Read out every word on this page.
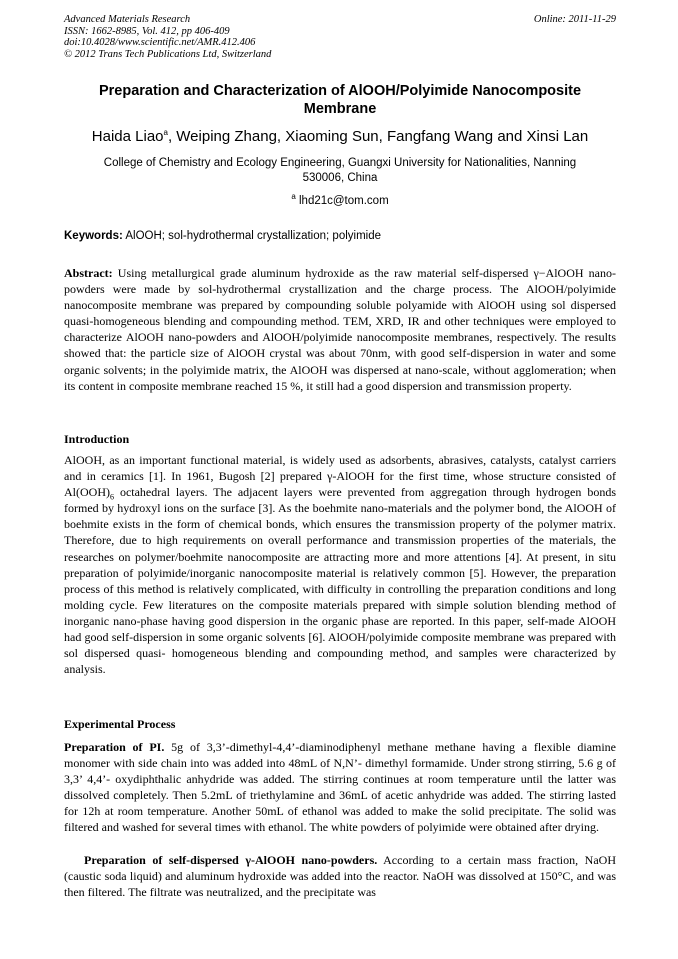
Advanced Materials Research
ISSN: 1662-8985, Vol. 412, pp 406-409
doi:10.4028/www.scientific.net/AMR.412.406
© 2012 Trans Tech Publications Ltd, Switzerland
Online: 2011-11-29
Preparation and Characterization of AlOOH/Polyimide Nanocomposite
Membrane
Haida Liao$^a$, Weiping Zhang, Xiaoming Sun, Fangfang Wang and Xinsi Lan
College of Chemistry and Ecology Engineering, Guangxi University for Nationalities, Nanning
530006, China
$^a$ lhd21c@tom.com
Keywords: AlOOH; sol-hydrothermal crystallization; polyimide
Abstract: Using metallurgical grade aluminum hydroxide as the raw material self-dispersed γ−AlOOH nano-powders were made by sol-hydrothermal crystallization and the charge process. The AlOOH/polyimide nanocomposite membrane was prepared by compounding soluble polyamide with AlOOH using sol dispersed quasi-homogeneous blending and compounding method. TEM, XRD, IR and other techniques were employed to characterize AlOOH nano-powders and AlOOH/polyimide nanocomposite membranes, respectively. The results showed that: the particle size of AlOOH crystal was about 70nm, with good self-dispersion in water and some organic solvents; in the polyimide matrix, the AlOOH was dispersed at nano-scale, without agglomeration; when its content in composite membrane reached 15 %, it still had a good dispersion and transmission property.
Introduction
AlOOH, as an important functional material, is widely used as adsorbents, abrasives, catalysts, catalyst carriers and in ceramics [1]. In 1961, Bugosh [2] prepared γ-AlOOH for the first time, whose structure consisted of $Al(OOH)_6$ octahedral layers. The adjacent layers were prevented from aggregation through hydrogen bonds formed by hydroxyl ions on the surface [3]. As the boehmite nano-materials and the polymer bond, the AlOOH of boehmite exists in the form of chemical bonds, which ensures the transmission property of the polymer matrix. Therefore, due to high requirements on overall performance and transmission properties of the materials, the researches on polymer/boehmite nanocomposite are attracting more and more attentions [4]. At present, in situ preparation of polyimide/inorganic nanocomposite material is relatively common [5]. However, the preparation process of this method is relatively complicated, with difficulty in controlling the preparation conditions and long molding cycle. Few literatures on the composite materials prepared with simple solution blending method of inorganic nano-phase having good dispersion in the organic phase are reported. In this paper, self-made AlOOH had good self-dispersion in some organic solvents [6]. AlOOH/polyimide composite membrane was prepared with sol dispersed quasi- homogeneous blending and compounding method, and samples were characterized by analysis.
Experimental Process
Preparation of PI. 5g of 3,3’-dimethyl-4,4’-diaminodiphenyl methane methane having a flexible diamine monomer with side chain into was added into 48mL of N,N’- dimethyl formamide. Under strong stirring, 5.6 g of 3,3’ 4,4’- oxydiphthalic anhydride was added. The stirring continues at room temperature until the latter was dissolved completely. Then 5.2mL of triethylamine and 36mL of acetic anhydride was added. The stirring lasted for 12h at room temperature. Another 50mL of ethanol was added to make the solid precipitate. The solid was filtered and washed for several times with ethanol. The white powders of polyimide were obtained after drying.
Preparation of self-dispersed γ-AlOOH nano-powders. According to a certain mass fraction, NaOH (caustic soda liquid) and aluminum hydroxide was added into the reactor. NaOH was dissolved at 150°C, and was then filtered. The filtrate was neutralized, and the precipitate was
